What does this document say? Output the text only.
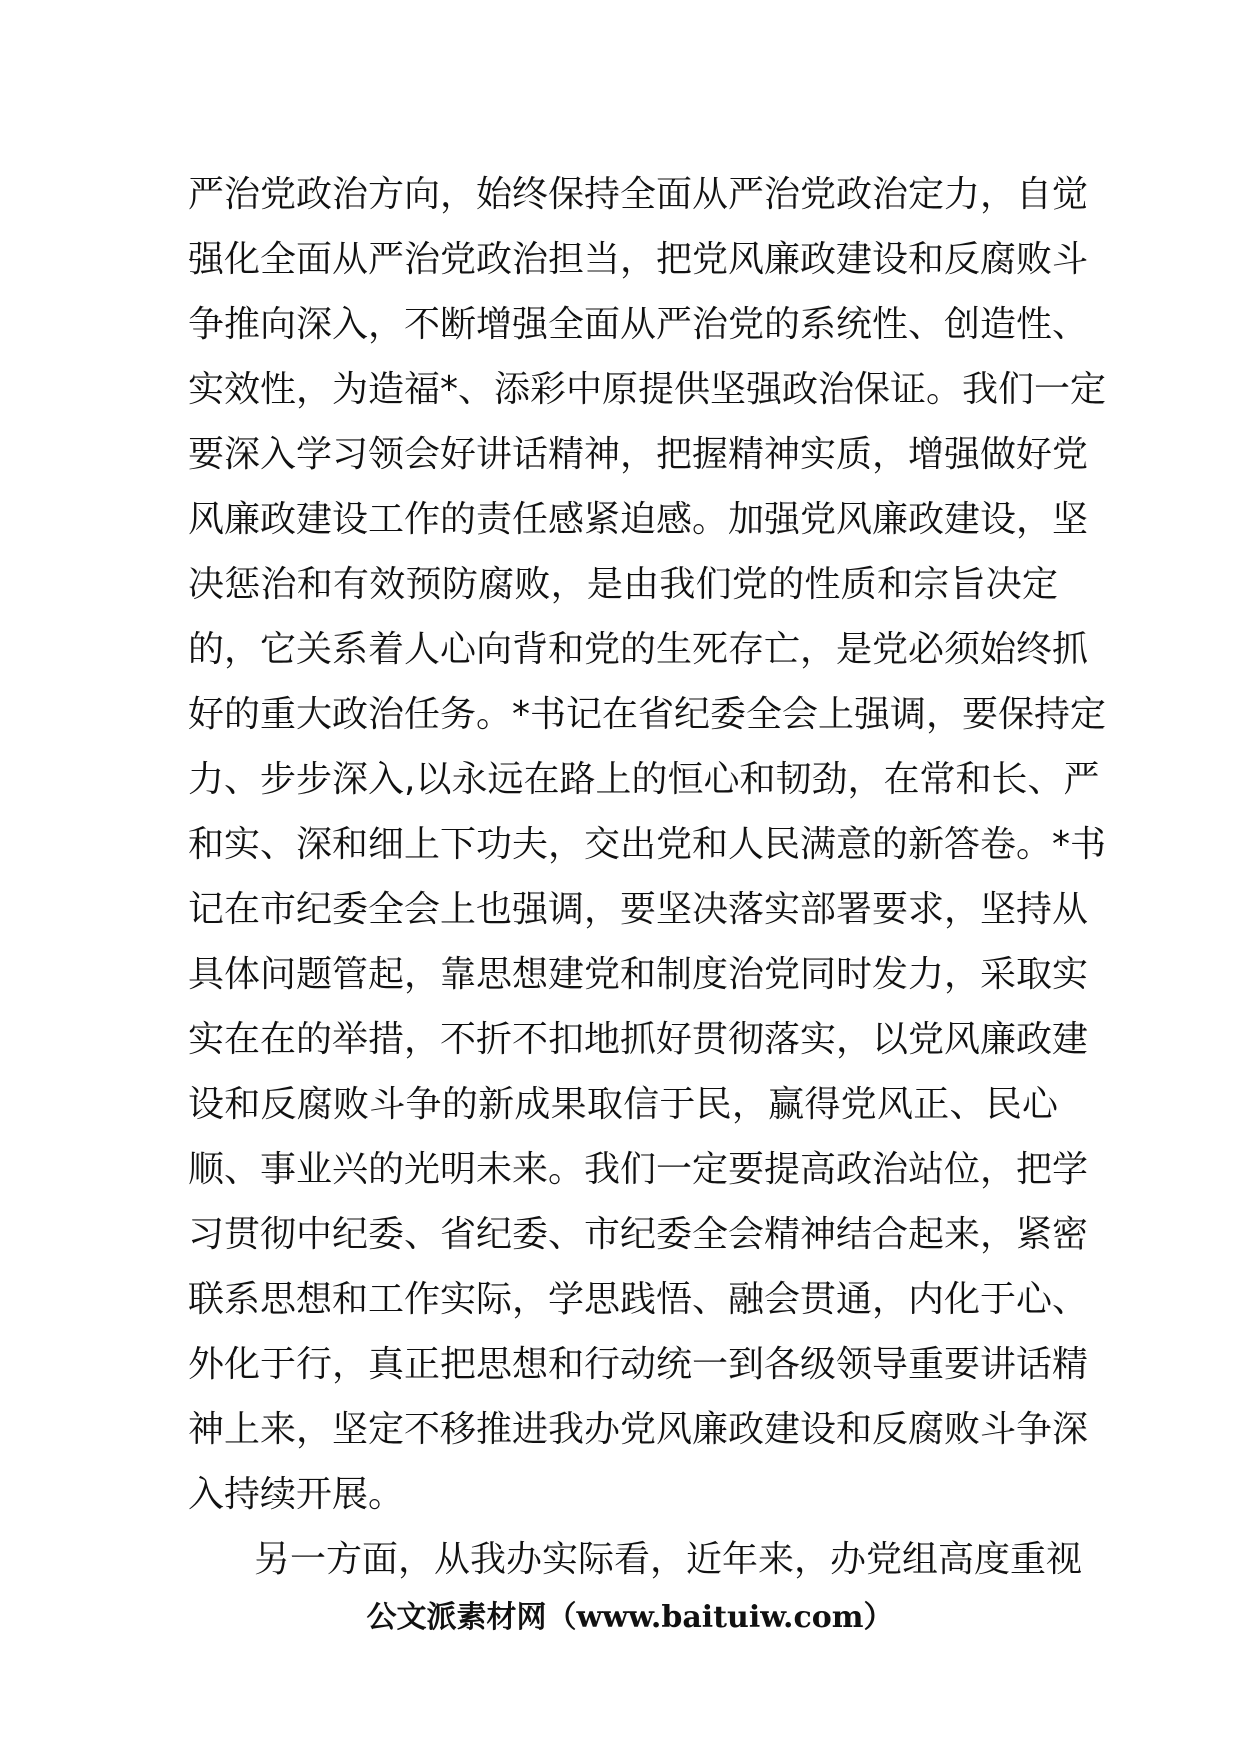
严治党政治方向，始终保持全面从严治党政治定力，自觉
强化全面从严治党政治担当，把党风廉政建设和反腐败斗
争推向深入，不断增强全面从严治党的系统性、创造性、
实效性，为造福*、添彩中原提供坚强政治保证。我们一定
要深入学习领会好讲话精神，把握精神实质，增强做好党
风廉政建设工作的责任感紧迫感。加强党风廉政建设，坚
决惩治和有效预防腐败，是由我们党的性质和宗旨决定
的，它关系着人心向背和党的生死存亡，是党必须始终抓
好的重大政治任务。*书记在省纪委全会上强调，要保持定
力、步步深入,以永远在路上的恒心和韧劲，在常和长、严
和实、深和细上下功夫，交出党和人民满意的新答卷。*书
记在市纪委全会上也强调，要坚决落实部署要求，坚持从
具体问题管起，靠思想建党和制度治党同时发力，采取实
实在在的举措，不折不扣地抓好贯彻落实，以党风廉政建
设和反腐败斗争的新成果取信于民，赢得党风正、民心
顺、事业兴的光明未来。我们一定要提高政治站位，把学
习贯彻中纪委、省纪委、市纪委全会精神结合起来，紧密
联系思想和工作实际，学思践悟、融会贯通，内化于心、
外化于行，真正把思想和行动统一到各级领导重要讲话精
神上来，坚定不移推进我办党风廉政建设和反腐败斗争深
入持续开展。
另一方面，从我办实际看，近年来，办党组高度重视
公文派素材网（www.baituiw.com）
